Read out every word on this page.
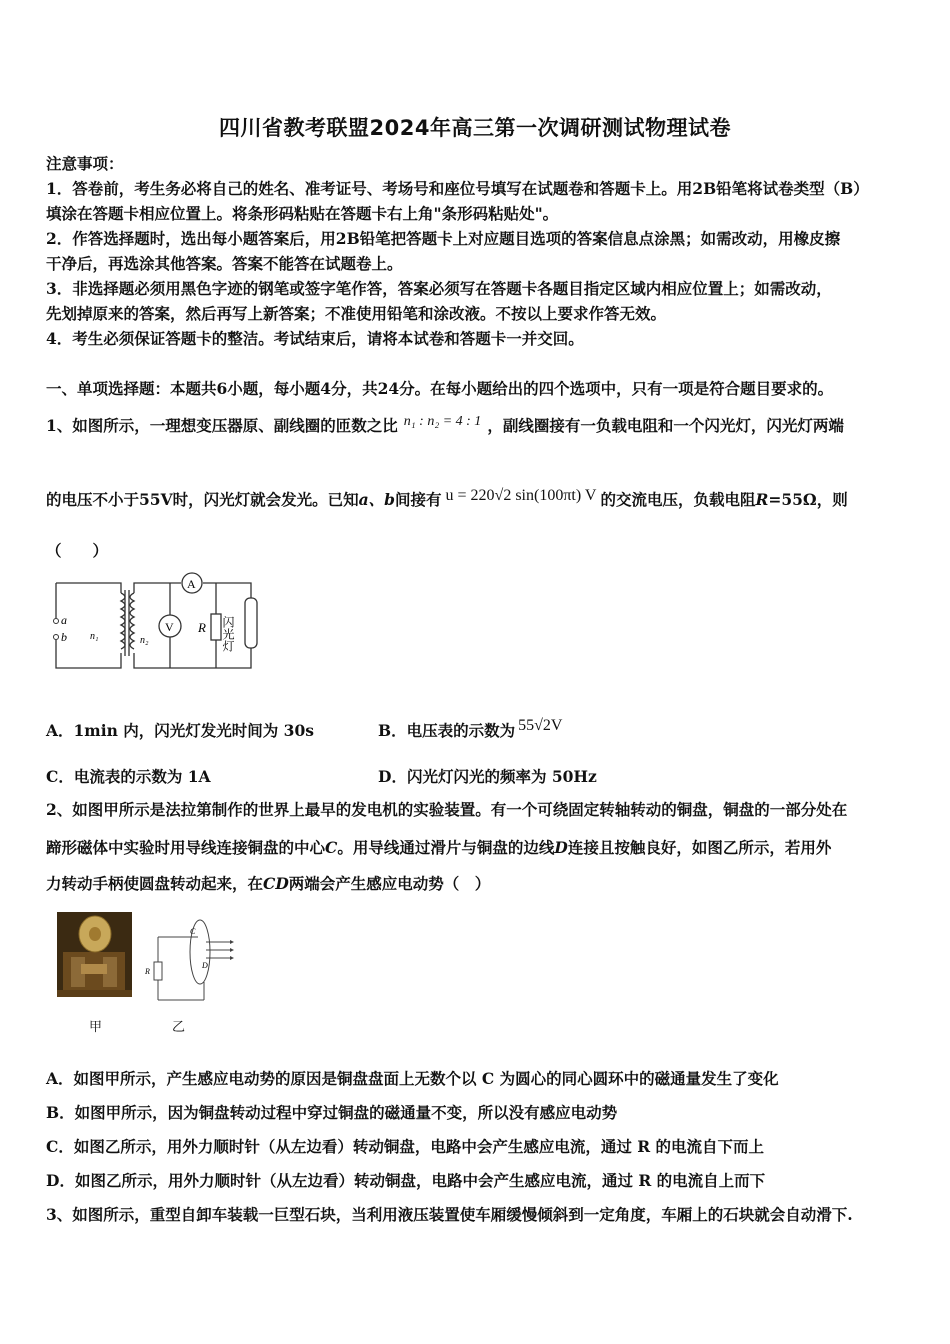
四川省教考联盟2024年高三第一次调研测试物理试卷
注意事项：
1．答卷前，考生务必将自己的姓名、准考证号、考场号和座位号填写在试题卷和答题卡上。用2B铅笔将试卷类型（B）
填涂在答题卡相应位置上。将条形码粘贴在答题卡右上角"条形码粘贴处"。
2．作答选择题时，选出每小题答案后，用2B铅笔把答题卡上对应题目选项的答案信息点涂黑；如需改动，用橡皮擦
干净后，再选涂其他答案。答案不能答在试题卷上。
3．非选择题必须用黑色字迹的钢笔或签字笔作答，答案必须写在答题卡各题目指定区域内相应位置上；如需改动，
先划掉原来的答案，然后再写上新答案；不准使用铅笔和涂改液。不按以上要求作答无效。
4．考生必须保证答题卡的整洁。考试结束后，请将本试卷和答题卡一并交回。
一、单项选择题：本题共6小题，每小题4分，共24分。在每小题给出的四个选项中，只有一项是符合题目要求的。
1、如图所示，一理想变压器原、副线圈的匝数之比 n₁ : n₂ = 4 : 1 ，副线圈接有一负载电阻和一个闪光灯，闪光灯两端
的电压不小于55V时，闪光灯就会发光。已知a、b间接有 u = 220√2 sin(100πt) V 的交流电压，负载电阻R=55Ω，则
（　　）
a
b n₁	n₂
A
V R 闪光灯
A．1min 内，闪光灯发光时间为 30s	B．电压表的示数为 55√2V
C．电流表的示数为 1A	D．闪光灯闪光的频率为 50Hz
2、如图甲所示是法拉第制作的世界上最早的发电机的实验装置。有一个可绕固定转轴转动的铜盘，铜盘的一部分处在
蹄形磁体中实验时用导线连接铜盘的中心C。用导线通过滑片与铜盘的边线D连接且按触良好，如图乙所示，若用外
力转动手柄使圆盘转动起来，在CD两端会产生感应电动势（　）
甲
C
D
R
乙
A．如图甲所示，产生感应电动势的原因是铜盘盘面上无数个以 C 为圆心的同心圆环中的磁通量发生了变化
B．如图甲所示，因为铜盘转动过程中穿过铜盘的磁通量不变，所以没有感应电动势
C．如图乙所示，用外力顺时针（从左边看）转动铜盘，电路中会产生感应电流，通过 R 的电流自下而上
D．如图乙所示，用外力顺时针（从左边看）转动铜盘，电路中会产生感应电流，通过 R 的电流自上而下
3、如图所示，重型自卸车装载一巨型石块，当利用液压装置使车厢缓慢倾斜到一定角度，车厢上的石块就会自动滑下.
